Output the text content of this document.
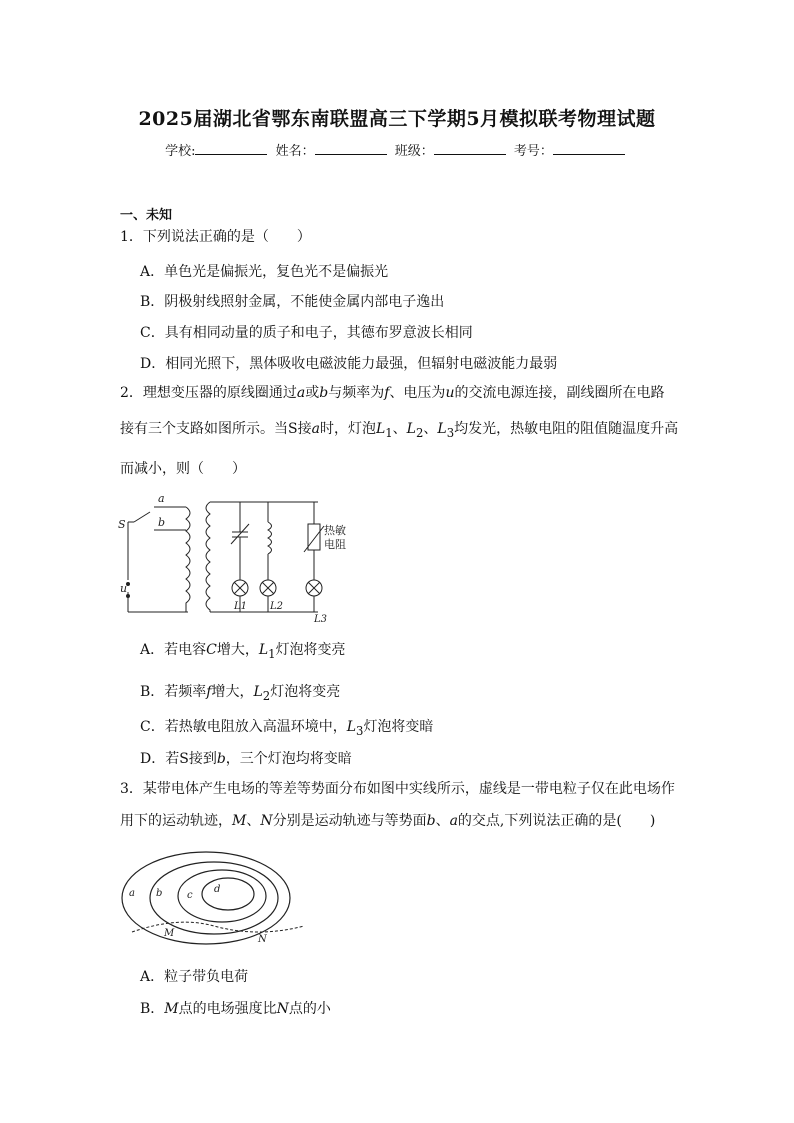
2025届湖北省鄂东南联盟高三下学期5月模拟联考物理试题
学校:	姓名：	班级：	考号：
一、未知
1．下列说法正确的是（　　）
A．单色光是偏振光，复色光不是偏振光
B．阴极射线照射金属，不能使金属内部电子逸出
C．具有相同动量的质子和电子，其德布罗意波长相同
D．相同光照下，黑体吸收电磁波能力最强，但辐射电磁波能力最弱
2．理想变压器的原线圈通过a或b与频率为f、电压为u的交流电源连接，副线圈所在电路
接有三个支路如图所示。当S接a时，灯泡$L_1$、$L_2$、$L_3$均发光，热敏电阻的阻值随温度升高
而减小，则（　　）
S
a
b
u
L1 L2
L3
热敏
电阻
A．若电容C增大，$L_1$灯泡将变亮
B．若频率f增大，$L_2$灯泡将变亮
C．若热敏电阻放入高温环境中，$L_3$灯泡将变暗
D．若S接到b，三个灯泡均将变暗
3．某带电体产生电场的等差等势面分布如图中实线所示，虚线是一带电粒子仅在此电场作
用下的运动轨迹，M、N分别是运动轨迹与等势面b、a的交点,下列说法正确的是(　　)
a b c
d
M
N
A．粒子带负电荷
B．M点的电场强度比N点的小
